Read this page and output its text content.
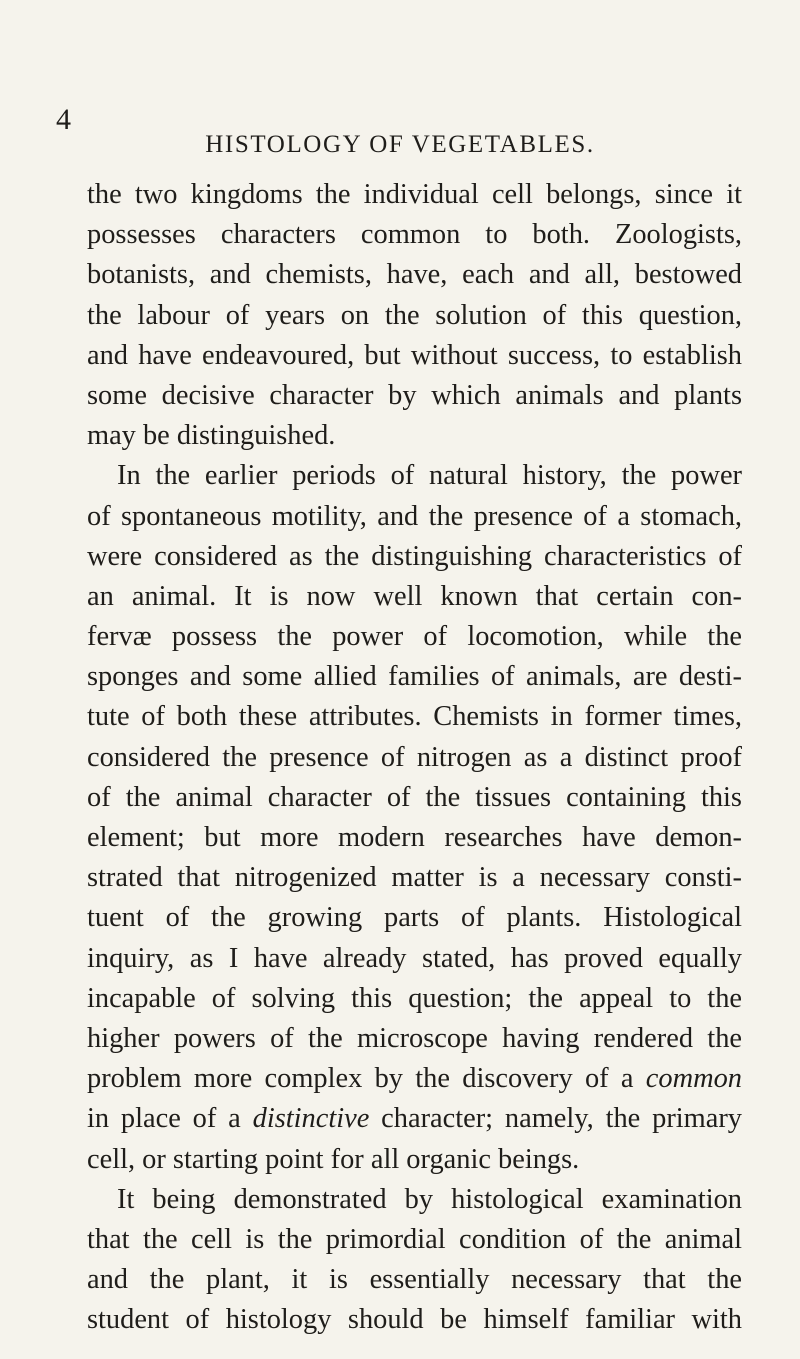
4
HISTOLOGY OF VEGETABLES.
the two kingdoms the individual cell belongs, since it
possesses characters common to both. Zoologists,
botanists, and chemists, have, each and all, bestowed
the labour of years on the solution of this question,
and have endeavoured, but without success, to establish
some decisive character by which animals and plants
may be distinguished.
In the earlier periods of natural history, the power
of spontaneous motility, and the presence of a stomach,
were considered as the distinguishing characteristics of
an animal. It is now well known that certain con-
fervæ possess the power of locomotion, while the
sponges and some allied families of animals, are desti-
tute of both these attributes. Chemists in former times,
considered the presence of nitrogen as a distinct proof
of the animal character of the tissues containing this
element; but more modern researches have demon-
strated that nitrogenized matter is a necessary consti-
tuent of the growing parts of plants. Histological
inquiry, as I have already stated, has proved equally
incapable of solving this question; the appeal to the
higher powers of the microscope having rendered the
problem more complex by the discovery of a common
in place of a distinctive character; namely, the primary
cell, or starting point for all organic beings.
It being demonstrated by histological examination
that the cell is the primordial condition of the animal
and the plant, it is essentially necessary that the
student of histology should be himself familiar with
